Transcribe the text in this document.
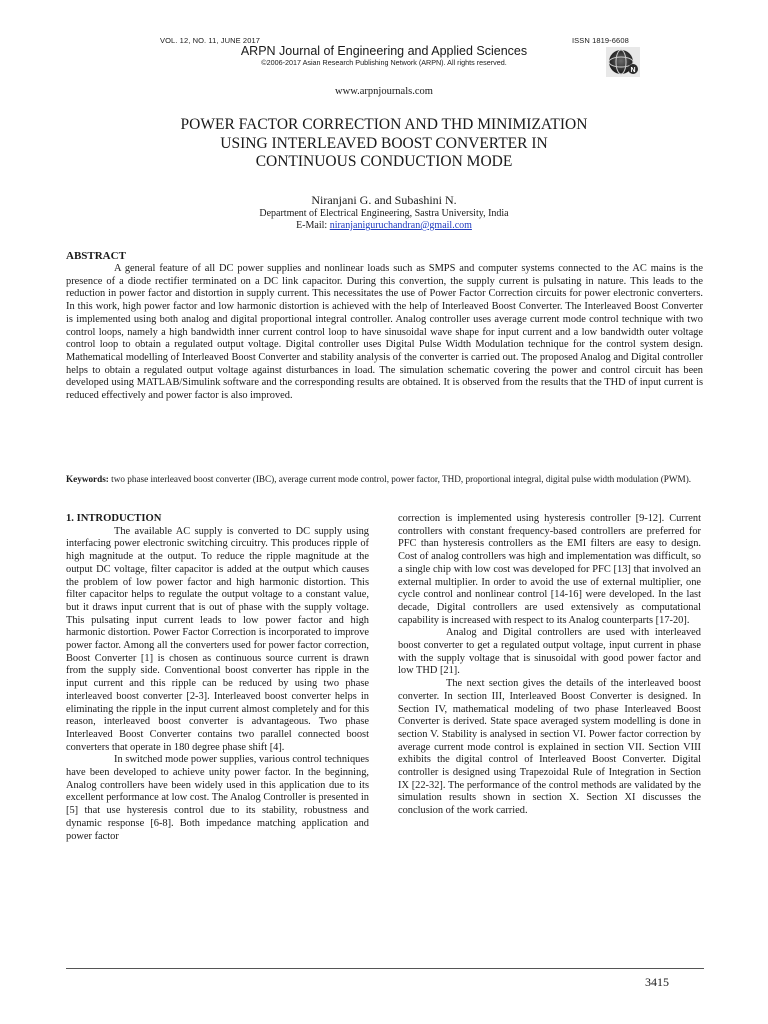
VOL. 12, NO. 11, JUNE 2017	ISSN 1819-6608
ARPN Journal of Engineering and Applied Sciences
©2006-2017 Asian Research Publishing Network (ARPN). All rights reserved.
N
www.arpnjournals.com
POWER FACTOR CORRECTION AND THD MINIMIZATION
USING INTERLEAVED BOOST CONVERTER IN
CONTINUOUS CONDUCTION MODE
Niranjani G. and Subashini N.
Department of Electrical Engineering, Sastra University, India
E-Mail: niranjaniguruchandran@gmail.com
ABSTRACT

A general feature of all DC power supplies and nonlinear loads such as SMPS and computer systems connected to the AC mains is the presence of a diode rectifier terminated on a DC link capacitor. During this convertion, the supply current is pulsating in nature. This leads to the reduction in power factor and distortion in supply current. This necessitates the use of Power Factor Correction circuits for power electronic converters. In this work, high power factor and low harmonic distortion is achieved with the help of Interleaved Boost Converter. The Interleaved Boost Converter is implemented using both analog and digital proportional integral controller. Analog controller uses average current mode control technique with two control loops, namely a high bandwidth inner current control loop to have sinusoidal wave shape for input current and a low bandwidth outer voltage control loop to obtain a regulated output voltage. Digital controller uses Digital Pulse Width Modulation technique for the control system design. Mathematical modelling of Interleaved Boost Converter and stability analysis of the converter is carried out. The proposed Analog and Digital controller helps to obtain a regulated output voltage against disturbances in load. The simulation schematic covering the power and control circuit has been developed using MATLAB/Simulink software and the corresponding results are obtained. It is observed from the results that the THD of input current is reduced effectively and power factor is also improved.

Keywords: two phase interleaved boost converter (IBC), average current mode control, power factor, THD, proportional integral, digital pulse width modulation (PWM).

1. INTRODUCTION

The available AC supply is converted to DC supply using interfacing power electronic switching circuitry. This produces ripple of high magnitude at the output. To reduce the ripple magnitude at the output DC voltage, filter capacitor is added at the output which causes the problem of low power factor and high harmonic distortion. This filter capacitor helps to regulate the output voltage to a constant value, but it draws input current that is out of phase with the supply voltage. This pulsating input current leads to low power factor and high harmonic distortion. Power Factor Correction is incorporated to improve power factor. Among all the converters used for power factor correction, Boost Converter [1] is chosen as continuous source current is drawn from the supply side. Conventional boost converter has ripple in the input current and this ripple can be reduced by using two phase interleaved boost converter [2-3]. Interleaved boost converter helps in eliminating the ripple in the input current almost completely and for this reason, interleaved boost converter is advantageous. Two phase Interleaved Boost Converter contains two parallel connected boost converters that operate in 180 degree phase shift [4].

In switched mode power supplies, various control techniques have been developed to achieve unity power factor. In the beginning, Analog controllers have been widely used in this application due to its excellent performance at low cost. The Analog Controller is presented in [5] that use hysteresis control due to its stability, robustness and dynamic response [6-8]. Both impedance matching application and power factor

correction is implemented using hysteresis controller [9-12]. Current controllers with constant frequency-based controllers are preferred for PFC than hysteresis controllers as the EMI filters are easy to design. Cost of analog controllers was high and implementation was difficult, so a single chip with low cost was developed for PFC [13] that involved an external multiplier. In order to avoid the use of external multiplier, one cycle control and nonlinear control [14-16] were developed. In the last decade, Digital controllers are used extensively as computational capability is increased with respect to its Analog counterparts [17-20].

Analog and Digital controllers are used with interleaved boost converter to get a regulated output voltage, input current in phase with the supply voltage that is sinusoidal with good power factor and low THD [21].

The next section gives the details of the interleaved boost converter. In section III, Interleaved Boost Converter is designed. In Section IV, mathematical modeling of two phase Interleaved Boost Converter is derived. State space averaged system modelling is done in section V. Stability is analysed in section VI. Power factor correction by average current mode control is explained in section VII. Section VIII exhibits the digital control of Interleaved Boost Converter. Digital controller is designed using Trapezoidal Rule of Integration in Section IX [22-32]. The performance of the control methods are validated by the simulation results shown in section X. Section XI discusses the conclusion of the work carried.

3415
